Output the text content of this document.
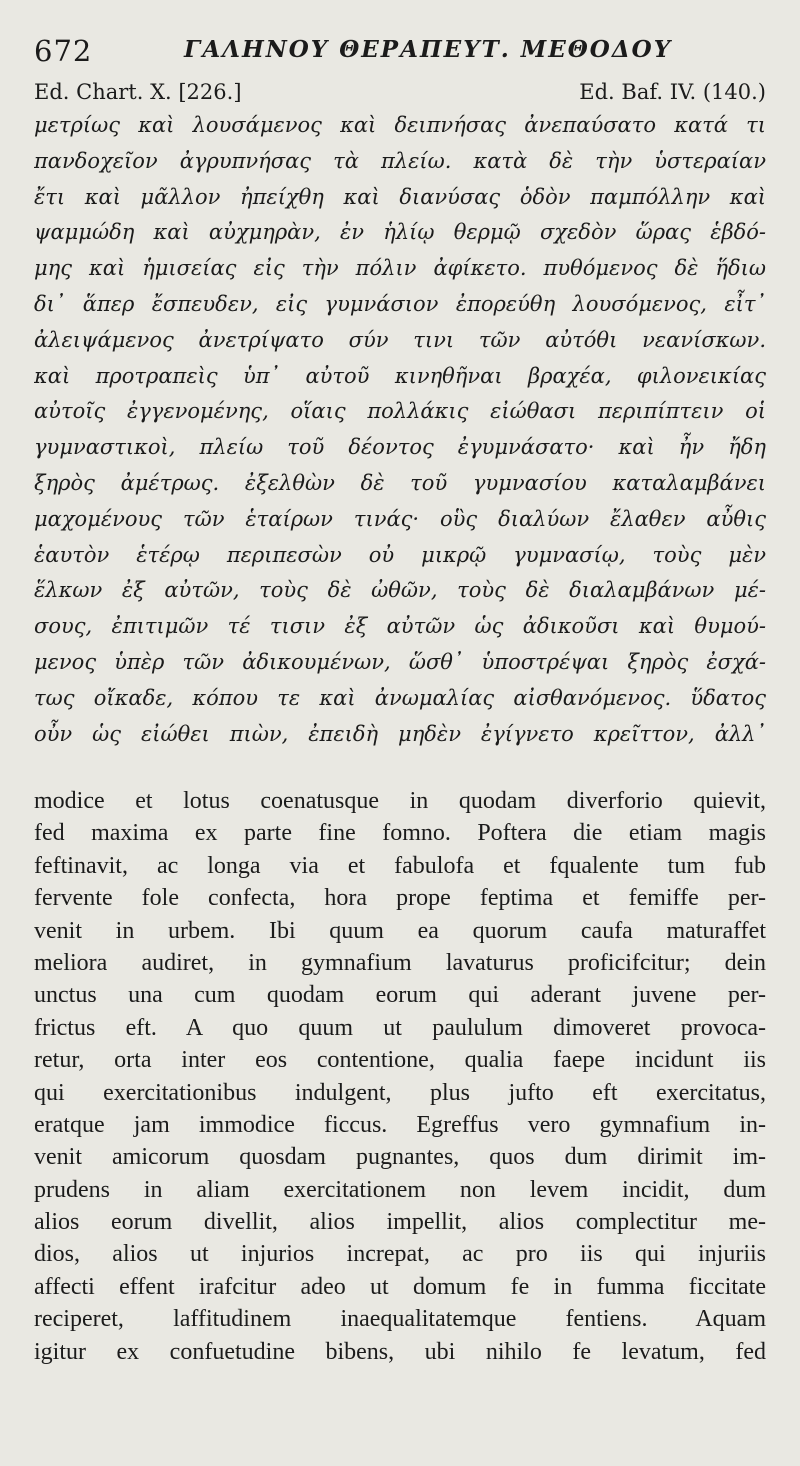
672	ΓΑΛΗΝΟΥ ΘΕΡΑΠΕΥΤ. ΜΕΘΟΔΟΥ
Ed. Chart. X. [226.]	Ed. Baf. IV. (140.)
μετρίως καὶ λουσάμενος καὶ δειπνήσας ἀνεπαύσατο κατά τι
πανδοχεῖον ἀγρυπνήσας τὰ πλείω. κατὰ δὲ τὴν ὑστεραίαν
ἔτι καὶ μᾶλλον ἠπείχθη καὶ διανύσας ὁδὸν παμπόλλην καὶ
ψαμμώδη καὶ αὐχμηρὰν, ἐν ἡλίῳ θερμῷ σχεδὸν ὥρας ἑβδό-
μης καὶ ἡμισείας εἰς τὴν πόλιν ἀφίκετο. πυθόμενος δὲ ἥδιω
δι᾽ ἅπερ ἔσπευδεν, εἰς γυμνάσιον ἐπορεύθη λουσόμενος, εἶτ᾽
ἀλειψάμενος ἀνετρίψατο σύν τινι τῶν αὐτόθι νεανίσκων.
καὶ προτραπεὶς ὑπ᾽ αὐτοῦ κινηθῆναι βραχέα, φιλονεικίας
αὐτοῖς ἐγγενομένης, οἵαις πολλάκις εἰώθασι περιπίπτειν οἱ
γυμναστικοὶ, πλείω τοῦ δέοντος ἐγυμνάσατο· καὶ ἦν ἤδη
ξηρὸς ἀμέτρως. ἐξελθὼν δὲ τοῦ γυμνασίου καταλαμβάνει
μαχομένους τῶν ἑταίρων τινάς· οὓς διαλύων ἔλαθεν αὖθις
ἑαυτὸν ἑτέρῳ περιπεσὼν οὐ μικρῷ γυμνασίῳ, τοὺς μὲν
ἕλκων ἐξ αὐτῶν, τοὺς δὲ ὠθῶν, τοὺς δὲ διαλαμβάνων μέ-
σους, ἐπιτιμῶν τέ τισιν ἐξ αὐτῶν ὡς ἀδικοῦσι καὶ θυμού-
μενος ὑπὲρ τῶν ἀδικουμένων, ὥσθ᾽ ὑποστρέψαι ξηρὸς ἐσχά-
τως οἴκαδε, κόπου τε καὶ ἀνωμαλίας αἰσθανόμενος. ὕδατος
οὖν ὡς εἰώθει πιὼν, ἐπειδὴ μηδὲν ἐγίγνετο κρεῖττον, ἀλλ᾽
modice et lotus coenatusque in quodam diverforio quievit,
fed maxima ex parte fine fomno. Poftera die etiam magis
feftinavit, ac longa via et fabulofa et fqualente tum fub
fervente fole confecta, hora prope feptima et femiffe per-
venit in urbem. Ibi quum ea quorum caufa maturaffet
meliora audiret, in gymnafium lavaturus proficifcitur; dein
unctus una cum quodam eorum qui aderant juvene per-
frictus eft. A quo quum ut paululum dimoveret provoca-
retur, orta inter eos contentione, qualia faepe incidunt iis
qui exercitationibus indulgent, plus jufto eft exercitatus,
eratque jam immodice ficcus. Egreffus vero gymnafium in-
venit amicorum quosdam pugnantes, quos dum dirimit im-
prudens in aliam exercitationem non levem incidit, dum
alios eorum divellit, alios impellit, alios complectitur me-
dios, alios ut injurios increpat, ac pro iis qui injuriis
affecti effent irafcitur adeo ut domum fe in fumma ficcitate
reciperet, laffitudinem inaequalitatemque fentiens. Aquam
igitur ex confuetudine bibens, ubi nihilo fe levatum, fed
